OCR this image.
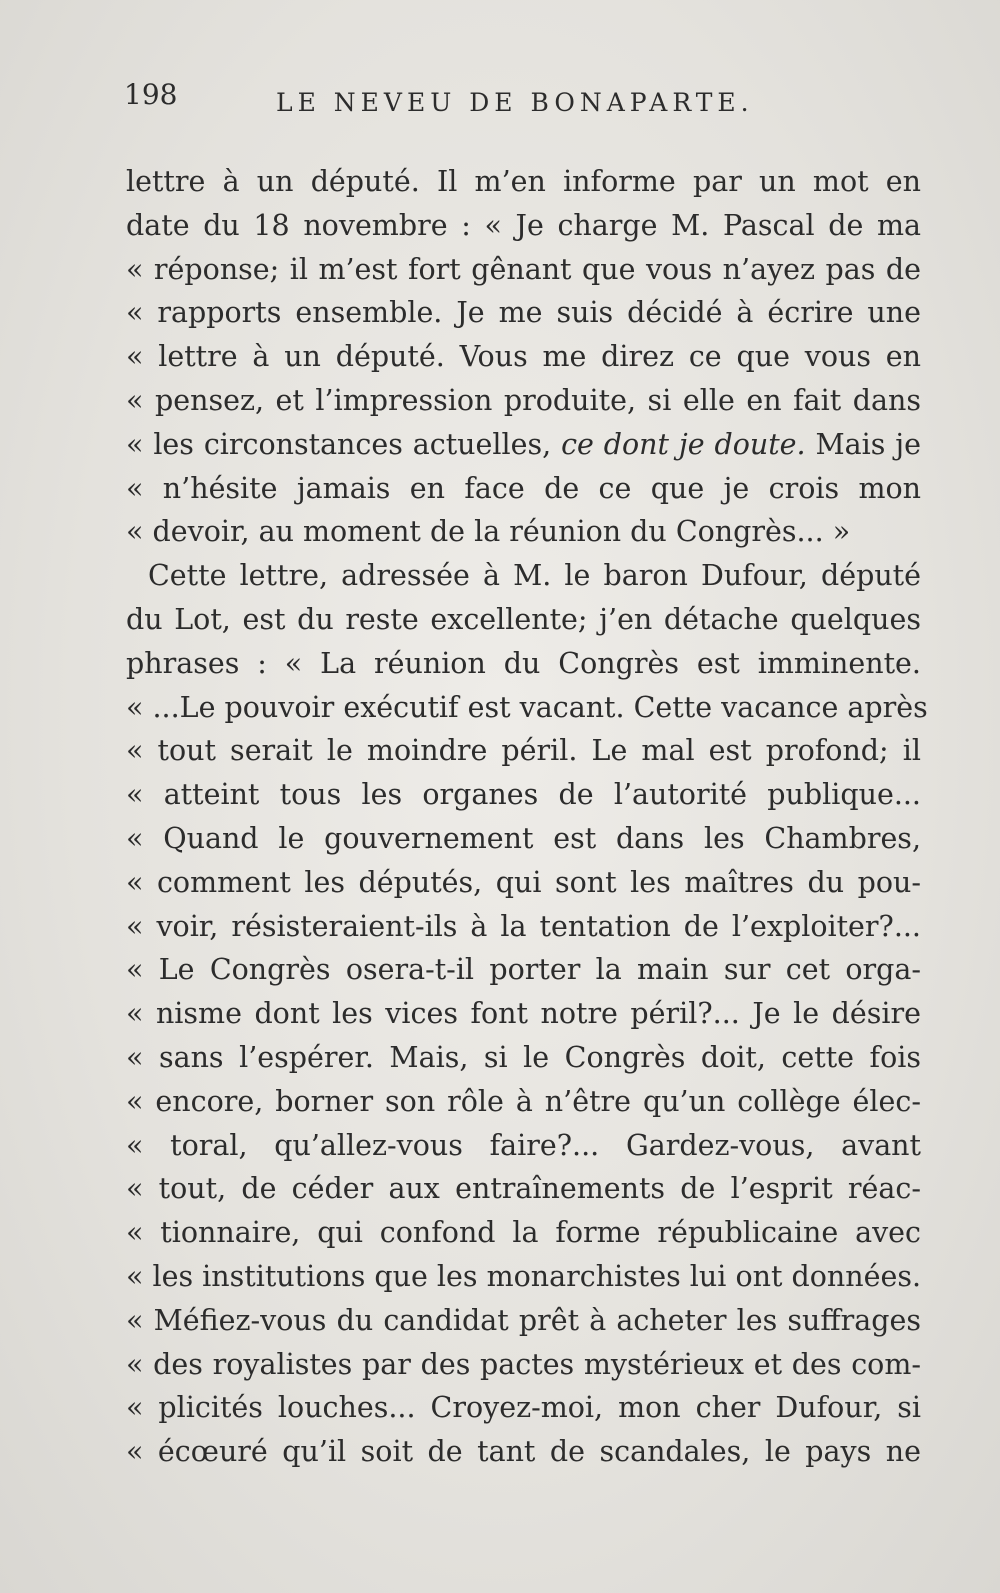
198	LE NEVEU DE BONAPARTE.
lettre à un député. Il m’en informe par un mot en
date du 18 novembre : « Je charge M. Pascal de ma
« réponse; il m’est fort gênant que vous n’ayez pas de
« rapports ensemble. Je me suis décidé à écrire une
« lettre à un député. Vous me direz ce que vous en
« pensez, et l’impression produite, si elle en fait dans
« les circonstances actuelles, ce dont je doute. Mais je
« n’hésite jamais en face de ce que je crois mon
« devoir, au moment de la réunion du Congrès... »
Cette lettre, adressée à M. le baron Dufour, député
du Lot, est du reste excellente; j’en détache quelques
phrases : « La réunion du Congrès est imminente.
« ...Le pouvoir exécutif est vacant. Cette vacance après
« tout serait le moindre péril. Le mal est profond; il
« atteint tous les organes de l’autorité publique...
« Quand le gouvernement est dans les Chambres,
« comment les députés, qui sont les maîtres du pou-
« voir, résisteraient-ils à la tentation de l’exploiter?...
« Le Congrès osera-t-il porter la main sur cet orga-
« nisme dont les vices font notre péril?... Je le désire
« sans l’espérer. Mais, si le Congrès doit, cette fois
« encore, borner son rôle à n’être qu’un collège élec-
« toral, qu’allez-vous faire?... Gardez-vous, avant
« tout, de céder aux entraînements de l’esprit réac-
« tionnaire, qui confond la forme républicaine avec
« les institutions que les monarchistes lui ont données.
« Méfiez-vous du candidat prêt à acheter les suffrages
« des royalistes par des pactes mystérieux et des com-
« plicités louches... Croyez-moi, mon cher Dufour, si
« écœuré qu’il soit de tant de scandales, le pays ne
